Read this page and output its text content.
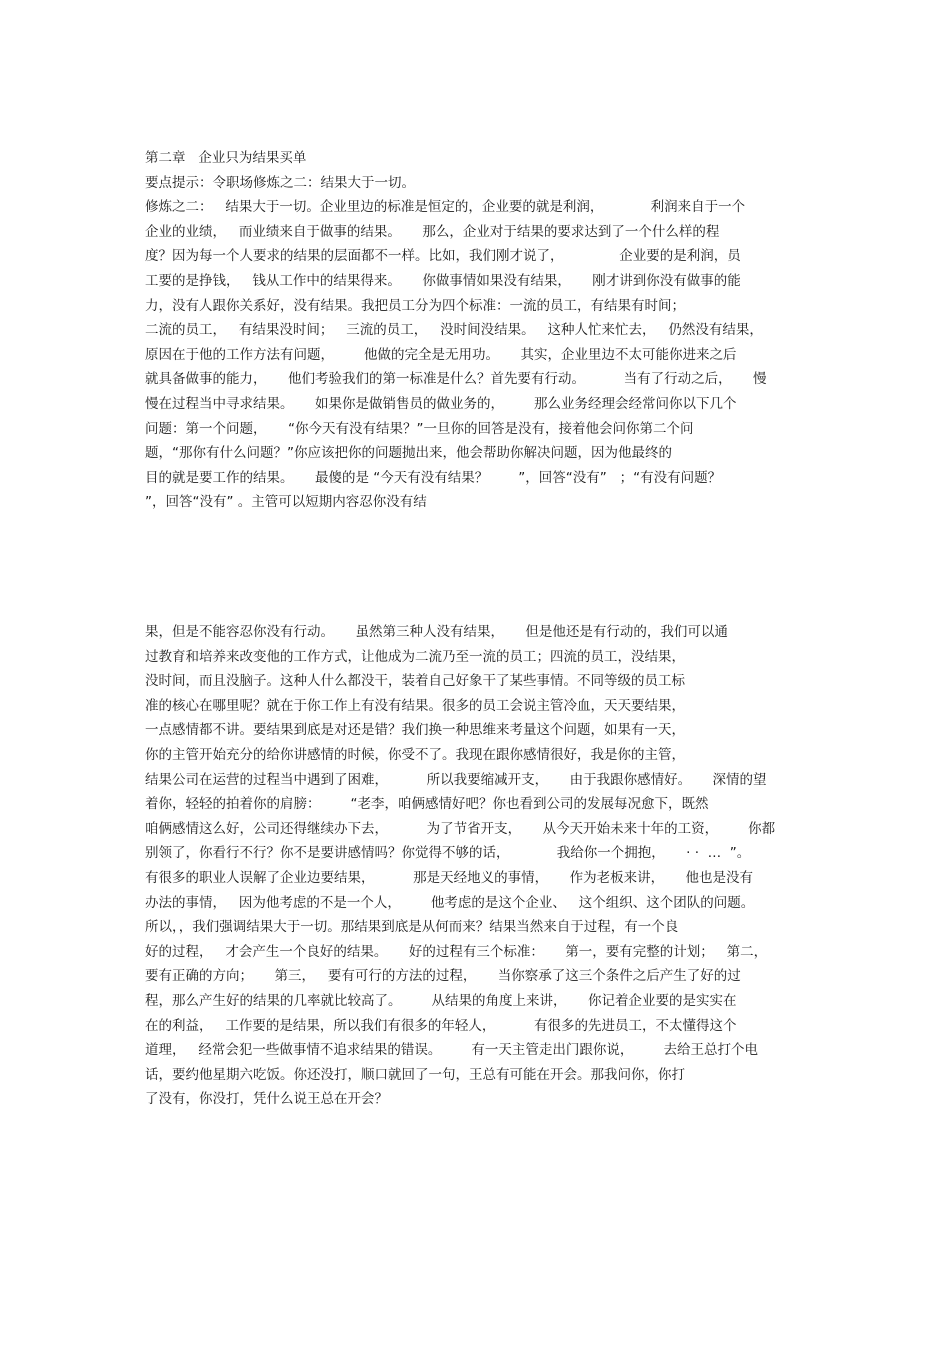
第二章   企业只为结果买单
要点提示：令职场修炼之二：结果大于一切。
修炼之二：   结果大于一切。企业里边的标准是恒定的，企业要的就是利润，           利润来自于一个
企业的业绩，   而业绩来自于做事的结果。     那么，企业对于结果的要求达到了一个什么样的程
度？因为每一个人要求的结果的层面都不一样。比如，我们刚才说了，             企业要的是利润，员
工要的是挣钱，   钱从工作中的结果得来。     你做事情如果没有结果，     刚才讲到你没有做事的能
力，没有人跟你关系好，没有结果。我把员工分为四个标准：一流的员工，有结果有时间；
二流的员工，   有结果没时间；   三流的员工，   没时间没结果。   这种人忙来忙去，   仍然没有结果，
原因在于他的工作方法有问题，       他做的完全是无用功。     其实，企业里边不太可能你进来之后
就具备做事的能力，     他们考验我们的第一标准是什么？首先要有行动。         当有了行动之后，     慢
慢在过程当中寻求结果。     如果你是做销售员的做业务的，       那么业务经理会经常问你以下几个
问题：第一个问题，     “你今天有没有结果？”一旦你的回答是没有，接着他会问你第二个问
题，“那你有什么问题？”你应该把你的问题抛出来，他会帮助你解决问题，因为他最终的
目的就是要工作的结果。     最傻的是 “今天有没有结果？       ”，回答“没有”   ；“有没有问题？
”，回答“没有” 。主管可以短期内容忍你没有结
果，但是不能容忍你没有行动。     虽然第三种人没有结果，     但是他还是有行动的，我们可以通
过教育和培养来改变他的工作方式，让他成为二流乃至一流的员工；四流的员工，没结果，
没时间，而且没脑子。这种人什么都没干，装着自己好象干了某些事情。不同等级的员工标
准的核心在哪里呢？就在于你工作上有没有结果。很多的员工会说主管冷血，天天要结果，
一点感情都不讲。要结果到底是对还是错？我们换一种思维来考量这个问题，如果有一天，
你的主管开始充分的给你讲感情的时候，你受不了。我现在跟你感情很好，我是你的主管，
结果公司在运营的过程当中遇到了困难，         所以我要缩减开支，     由于我跟你感情好。     深情的望
着你，轻轻的拍着你的肩膀：       “老李，咱俩感情好吧？你也看到公司的发展每况愈下，既然
咱俩感情这么好，公司还得继续办下去，         为了节省开支，     从今天开始未来十年的工资，       你都
别领了，你看行不行？你不是要讲感情吗？你觉得不够的话，           我给你一个拥抱，     · ·  …  ”。
有很多的职业人误解了企业边要结果，         那是天经地义的事情，     作为老板来讲，     他也是没有
办法的事情，   因为他考虑的不是一个人，       他考虑的是这个企业、   这个组织、这个团队的问题。
所以，，我们强调结果大于一切。那结果到底是从何而来？结果当然来自于过程，有一个良
好的过程，   才会产生一个良好的结果。     好的过程有三个标准：     第一，要有完整的计划；   第二，
要有正确的方向；     第三，   要有可行的方法的过程，     当你察承了这三个条件之后产生了好的过
程，那么产生好的结果的几率就比较高了。       从结果的角度上来讲，     你记着企业要的是实实在
在的利益，   工作要的是结果，所以我们有很多的年轻人，         有很多的先进员工，不太懂得这个
道理，   经常会犯一些做事情不追求结果的错误。       有一天主管走出门跟你说，       去给王总打个电
话，要约他星期六吃饭。你还没打，顺口就回了一句，王总有可能在开会。那我问你，你打
了没有，你没打，凭什么说王总在开会？
